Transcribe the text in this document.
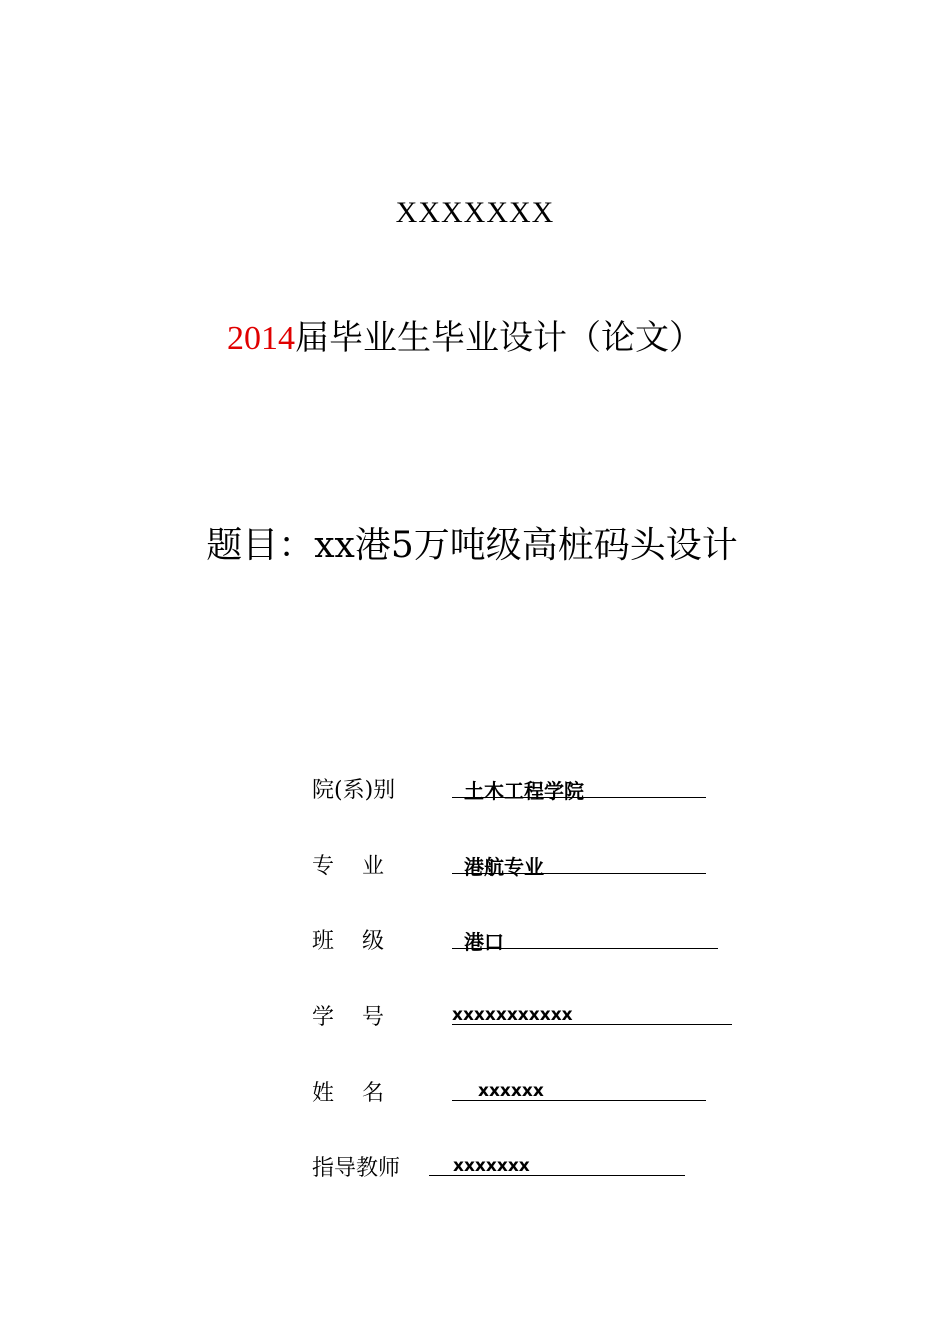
XXXXXXX
2014届毕业生毕业设计（论文）
题目：xx港5万吨级高桩码头设计
院(系)别	土木工程学院
专    业	港航专业
班    级	港口
学    号	xxxxxxxxxxx
姓    名	xxxxxx
指导教师	xxxxxxx
